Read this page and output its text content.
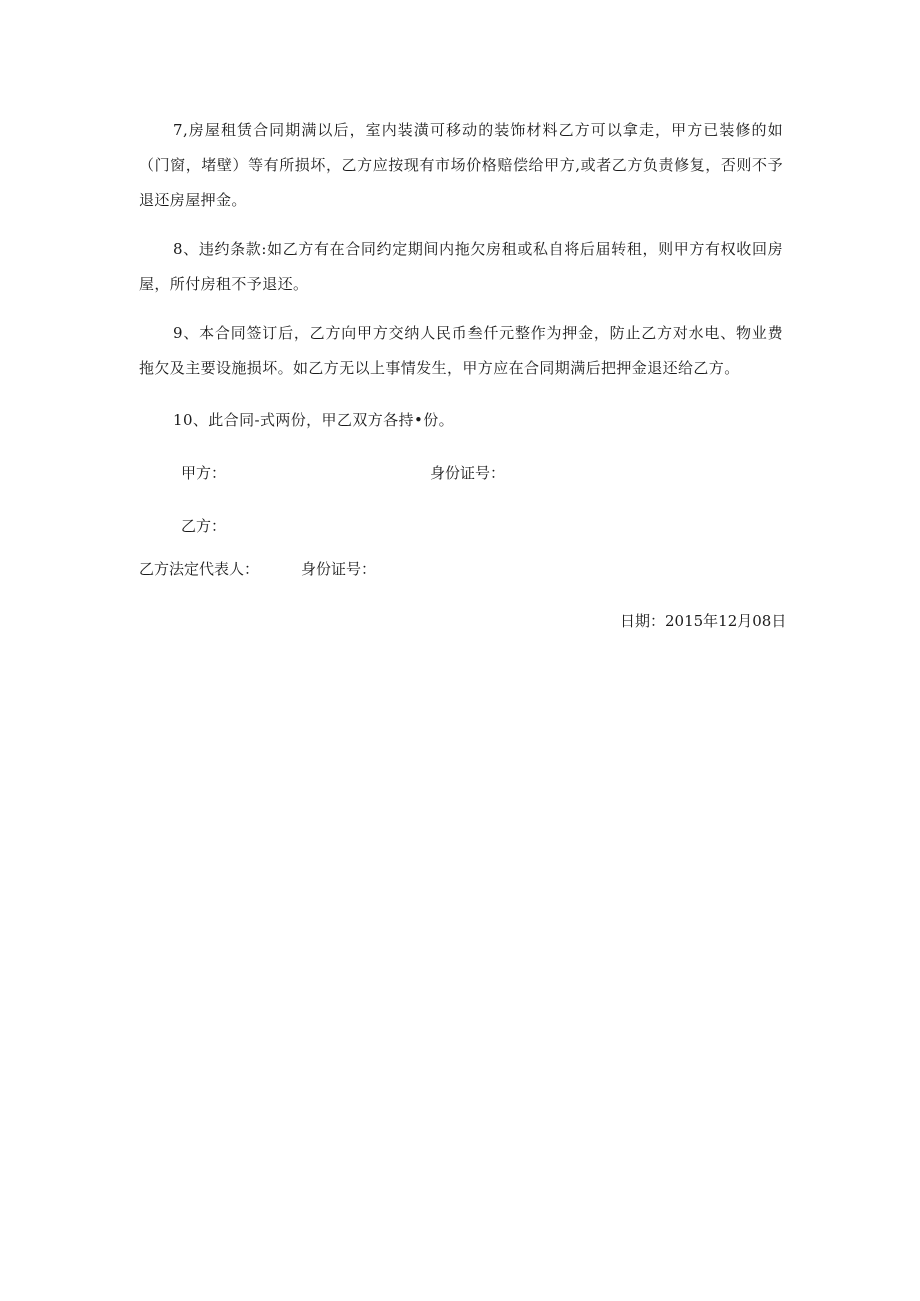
7,房屋租赁合同期满以后，室内装潢可移动的装饰材料乙方可以拿走，甲方已装修的如（门窗，堵壁）等有所损坏，乙方应按现有市场价格赔偿给甲方,或者乙方负责修复，否则不予退还房屋押金。

8、违约条款:如乙方有在合同约定期间内拖欠房租或私自将后届转租，则甲方有权收回房屋，所付房租不予退还。

9、本合同签订后，乙方向甲方交纳人民币叁仟元整作为押金，防止乙方对水电、物业费拖欠及主要设施损坏。如乙方无以上事情发生，甲方应在合同期满后把押金退还给乙方。

10、此合同-式两份，甲乙双方各持•份。

甲方：	身份证号：

乙方：

乙方法定代表人：	身份证号：

日期：2015年12月08日
